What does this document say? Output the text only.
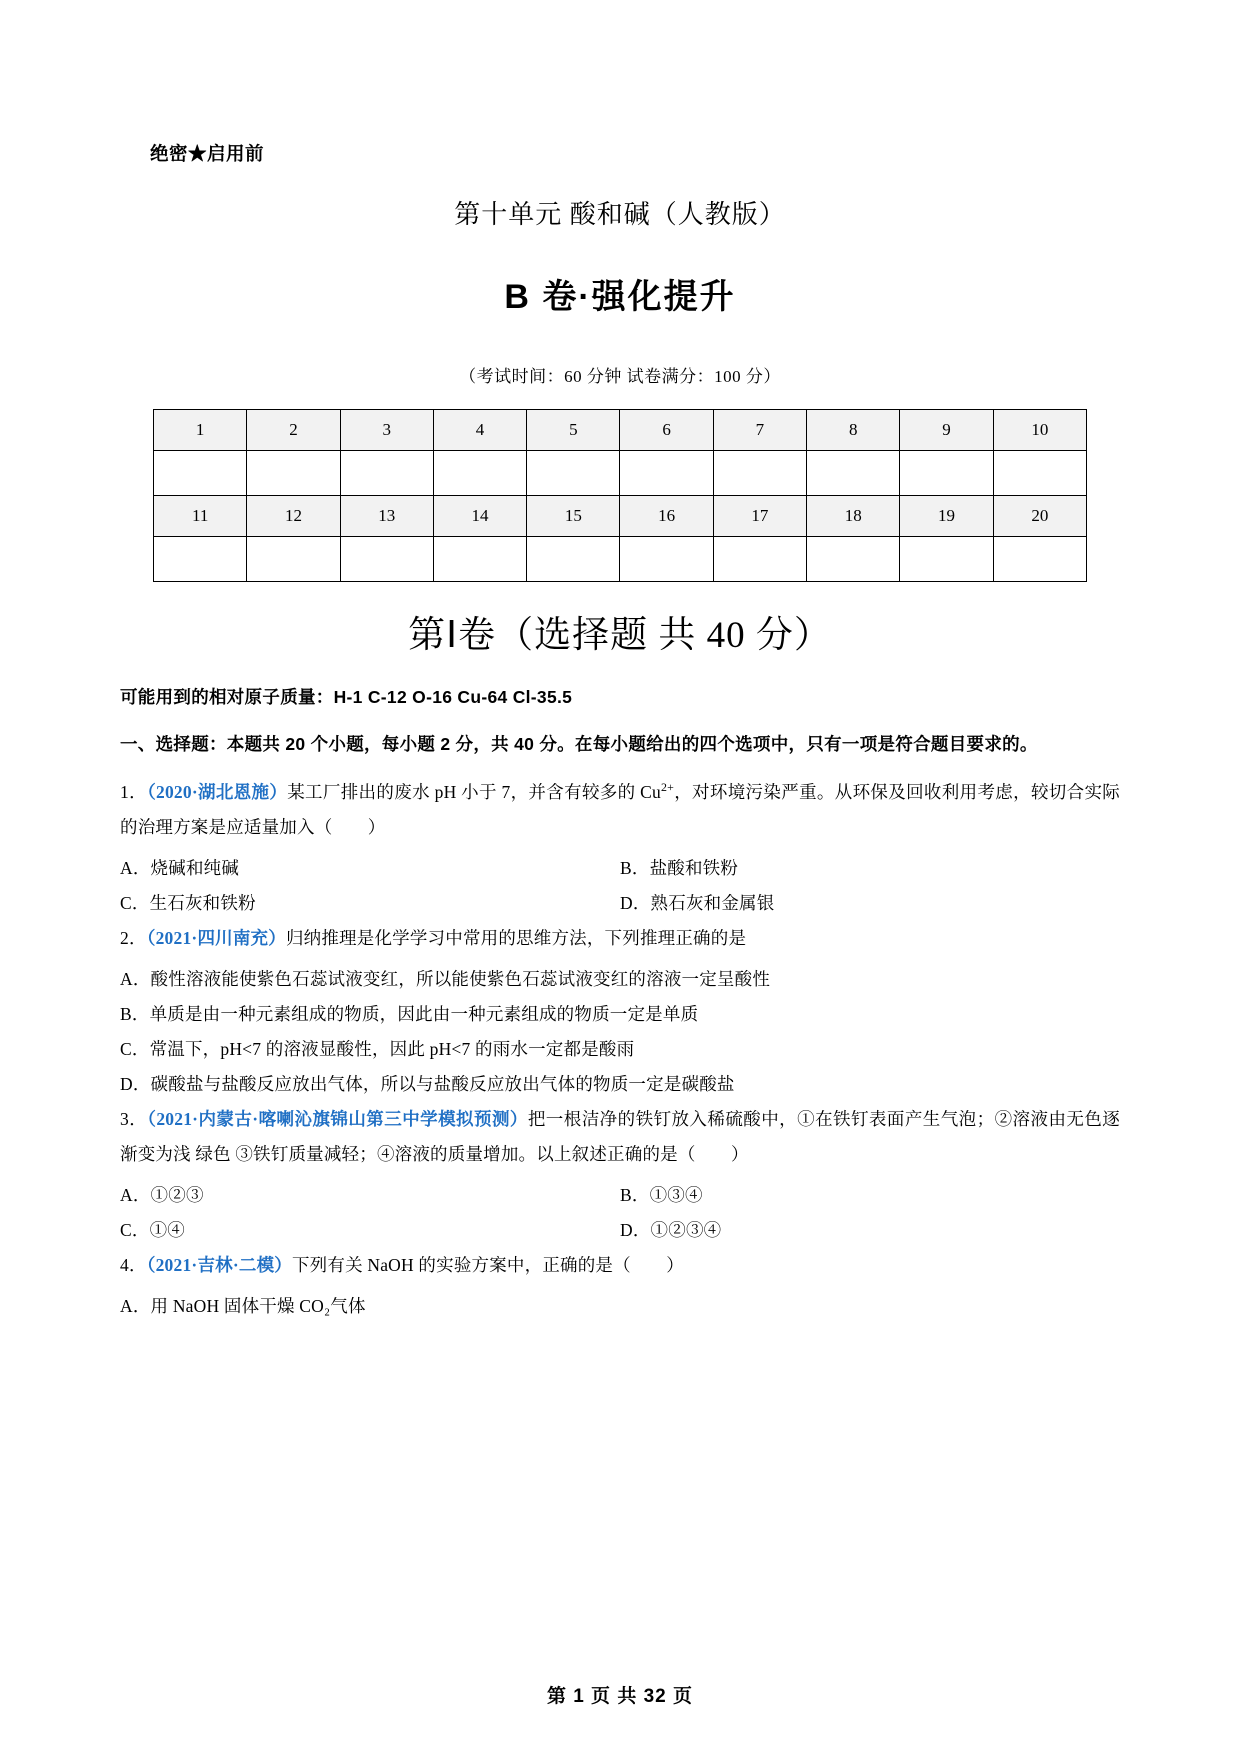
绝密★启用前
第十单元 酸和碱（人教版）
B 卷·强化提升
（考试时间：60 分钟 试卷满分：100 分）
1	2	3	4	5	6	7	8	9	10

11	12	13	14	15	16	17	18	19	20

第Ⅰ卷（选择题 共 40 分）
可能用到的相对原子质量：H-1 C-12 O-16 Cu-64 Cl-35.5
一、选择题：本题共 20 个小题，每小题 2 分，共 40 分。在每小题给出的四个选项中，只有一项是符合题目要求的。
1．（2020·湖北恩施）某工厂排出的废水 pH 小于 7，并含有较多的 $Cu^{2+}$，对环境污染严重。从环保及回收利用考虑，较切合实际的治理方案是应适量加入（　　）
A．烧碱和纯碱	B．盐酸和铁粉
C．生石灰和铁粉	D．熟石灰和金属银
2．（2021·四川南充）归纳推理是化学学习中常用的思维方法，下列推理正确的是
A．酸性溶液能使紫色石蕊试液变红，所以能使紫色石蕊试液变红的溶液一定呈酸性
B．单质是由一种元素组成的物质，因此由一种元素组成的物质一定是单质
C．常温下，pH<7 的溶液显酸性，因此 pH<7 的雨水一定都是酸雨
D．碳酸盐与盐酸反应放出气体，所以与盐酸反应放出气体的物质一定是碳酸盐
3．（2021·内蒙古·喀喇沁旗锦山第三中学模拟预测）把一根洁净的铁钉放入稀硫酸中，①在铁钉表面产生气泡；②溶液由无色逐渐变为浅 绿色 ③铁钉质量减轻；④溶液的质量增加。以上叙述正确的是（　　）
A．①②③	B．①③④
C．①④	D．①②③④
4．（2021·吉林·二模）下列有关 NaOH 的实验方案中，正确的是（　　）
A．用 NaOH 固体干燥 CO₂气体
第 1 页 共 32 页
